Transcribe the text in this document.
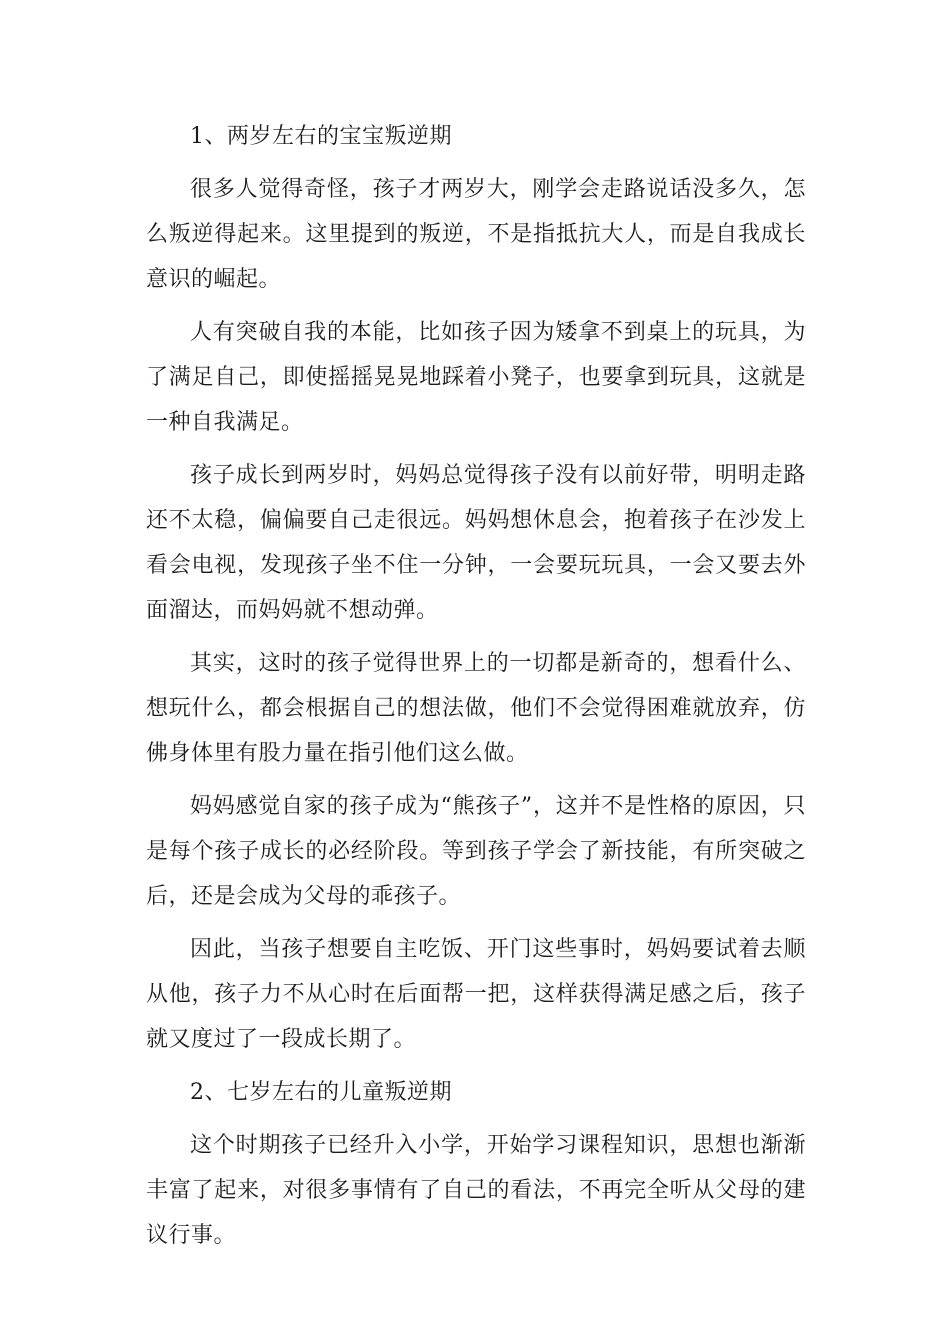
1、两岁左右的宝宝叛逆期

很多人觉得奇怪，孩子才两岁大，刚学会走路说话没多久，怎么叛逆得起来。这里提到的叛逆，不是指抵抗大人，而是自我成长意识的崛起。

人有突破自我的本能，比如孩子因为矮拿不到桌上的玩具，为了满足自己，即使摇摇晃晃地踩着小凳子，也要拿到玩具，这就是一种自我满足。

孩子成长到两岁时，妈妈总觉得孩子没有以前好带，明明走路还不太稳，偏偏要自己走很远。妈妈想休息会，抱着孩子在沙发上看会电视，发现孩子坐不住一分钟，一会要玩玩具，一会又要去外面溜达，而妈妈就不想动弹。

其实，这时的孩子觉得世界上的一切都是新奇的，想看什么、想玩什么，都会根据自己的想法做，他们不会觉得困难就放弃，仿佛身体里有股力量在指引他们这么做。

妈妈感觉自家的孩子成为“熊孩子”，这并不是性格的原因，只是每个孩子成长的必经阶段。等到孩子学会了新技能，有所突破之后，还是会成为父母的乖孩子。

因此，当孩子想要自主吃饭、开门这些事时，妈妈要试着去顺从他，孩子力不从心时在后面帮一把，这样获得满足感之后，孩子就又度过了一段成长期了。

2、七岁左右的儿童叛逆期

这个时期孩子已经升入小学，开始学习课程知识，思想也渐渐丰富了起来，对很多事情有了自己的看法，不再完全听从父母的建议行事。
